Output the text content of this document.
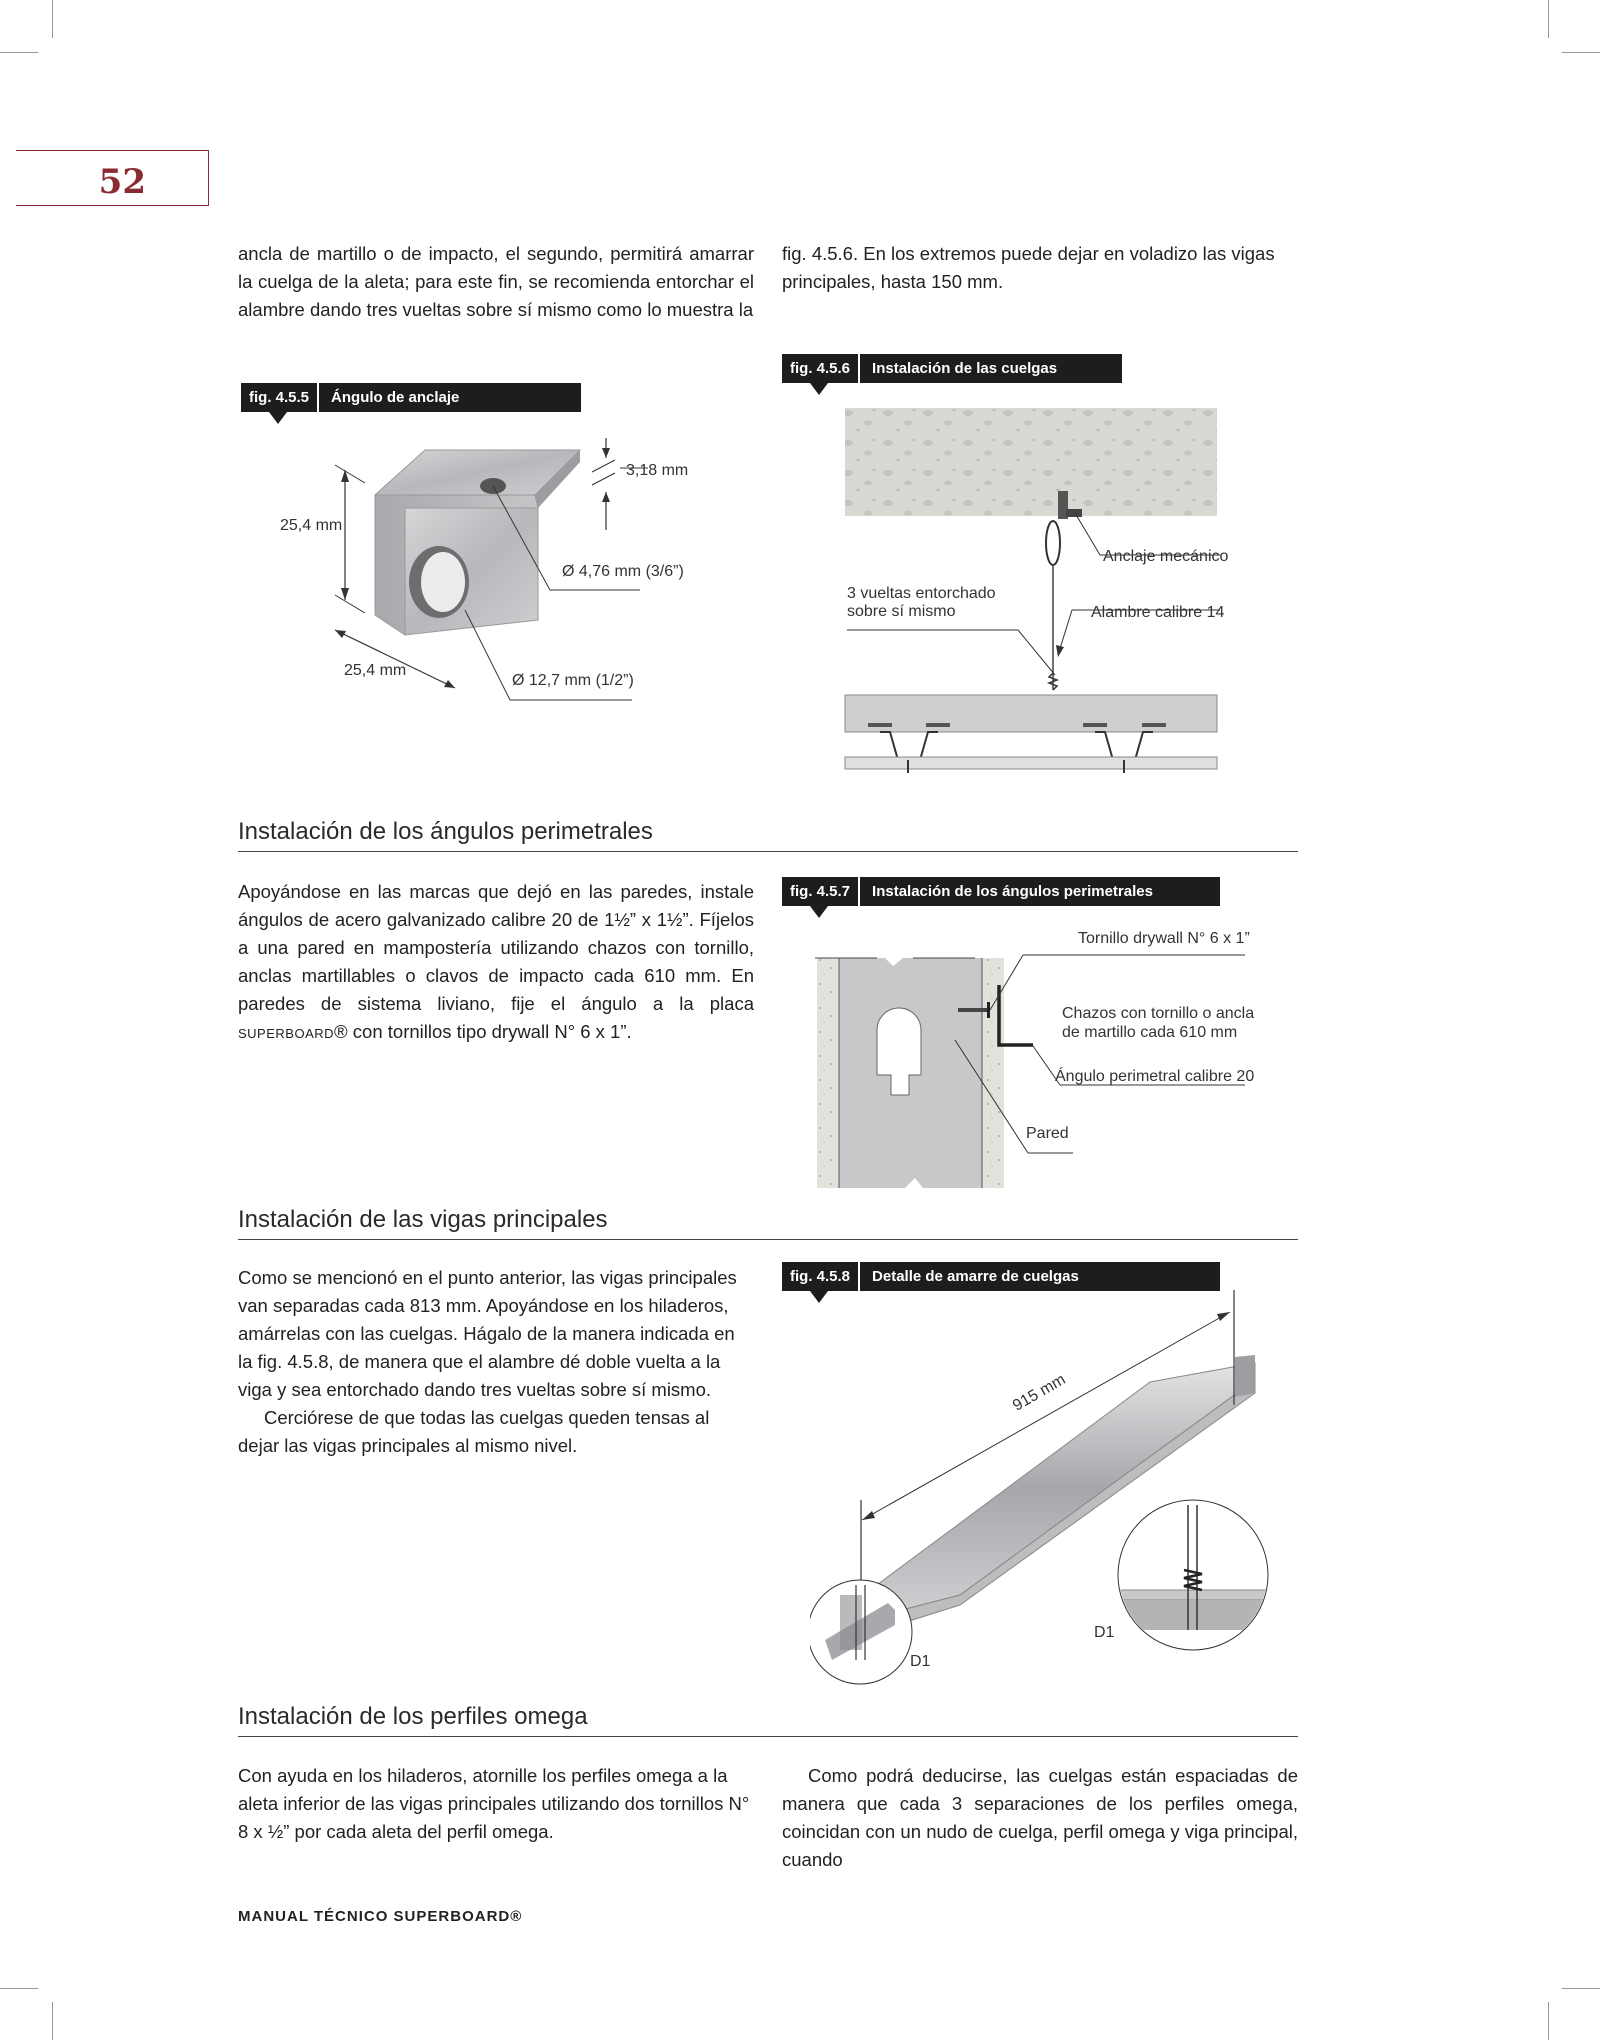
52

ancla de martillo o de impacto, el segundo, permitirá amarrar la cuelga de la aleta; para este fin, se recomienda entorchar el alambre dando tres vueltas sobre sí mismo como lo muestra la

fig. 4.5.6. En los extremos puede dejar en voladizo las vigas principales, hasta 150 mm.

fig. 4.5.5	Ángulo de anclaje
25,4 mm
3,18 mm
Ø 4,76 mm (3/6”)
25,4 mm
Ø 12,7 mm (1/2”)
fig. 4.5.6	Instalación de las cuelgas
Anclaje mecánico
3 vueltas entorchado
sobre sí mismo	Alambre calibre 14
Instalación de los ángulos perimetrales

Apoyándose en las marcas que dejó en las paredes, instale ángulos de acero galvanizado calibre 20 de 1½” x 1½”. Fíjelos a una pared en mampostería utilizando chazos con tornillo, anclas martillables o clavos de impacto cada 610 mm. En paredes de sistema liviano, fije el ángulo a la placa SUPERBOARD® con tornillos tipo drywall N° 6 x 1”.

fig. 4.5.7	Instalación de los ángulos perimetrales
Tornillo drywall N° 6 x 1”
Chazos con tornillo o ancla
de martillo cada 610 mm
Ángulo perimetral calibre 20
Pared
Instalación de las vigas principales

Como se mencionó en el punto anterior, las vigas principales van separadas cada 813 mm. Apoyándose en los hiladeros, amárrelas con las cuelgas. Hágalo de la manera indicada en la fig. 4.5.8, de manera que el alambre dé doble vuelta a la viga y sea entorchado dando tres vueltas sobre sí mismo.

Cerciórese de que todas las cuelgas queden tensas al dejar las vigas principales al mismo nivel.

fig. 4.5.8	Detalle de amarre de cuelgas
915 mm
D1
D1
Instalación de los perfiles omega

Con ayuda en los hiladeros, atornille los perfiles omega a la aleta inferior de las vigas principales utilizando dos tornillos N° 8 x ½” por cada aleta del perfil omega.

Como podrá deducirse, las cuelgas están espaciadas de manera que cada 3 separaciones de los perfiles omega, coincidan con un nudo de cuelga, perfil omega y viga principal, cuando

MANUAL TÉCNICO SUPERBOARD®
